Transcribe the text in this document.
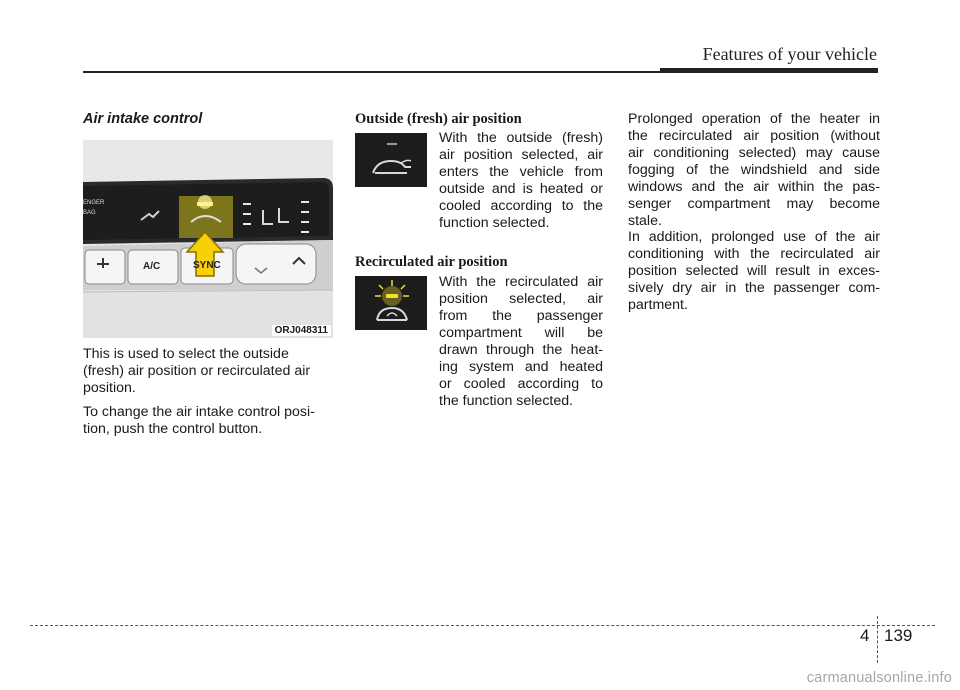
Features of your vehicle
Air intake control
ENGER
BAG
A/C	SYNC
ORJ048311
This is used to select the outside
(fresh) air position or recirculated air
position.
To change the air intake control posi-
tion, push the control button.
Outside (fresh) air position
With the outside (fresh)
air position selected, air
enters the vehicle from
outside and is heated or
cooled according to the
function selected.
Recirculated air position
With the recirculated air
position selected, air
from the passenger
compartment will be
drawn through the heat-
ing system and heated
or cooled according to
the function selected.
Prolonged operation of the heater in
the recirculated air position (without
air conditioning selected) may cause
fogging of the windshield and side
windows and the air within the pas-
senger compartment may become
stale.
In addition, prolonged use of the air
conditioning with the recirculated air
position selected will result in exces-
sively dry air in the passenger com-
partment.
4 139
carmanualsonline.info
